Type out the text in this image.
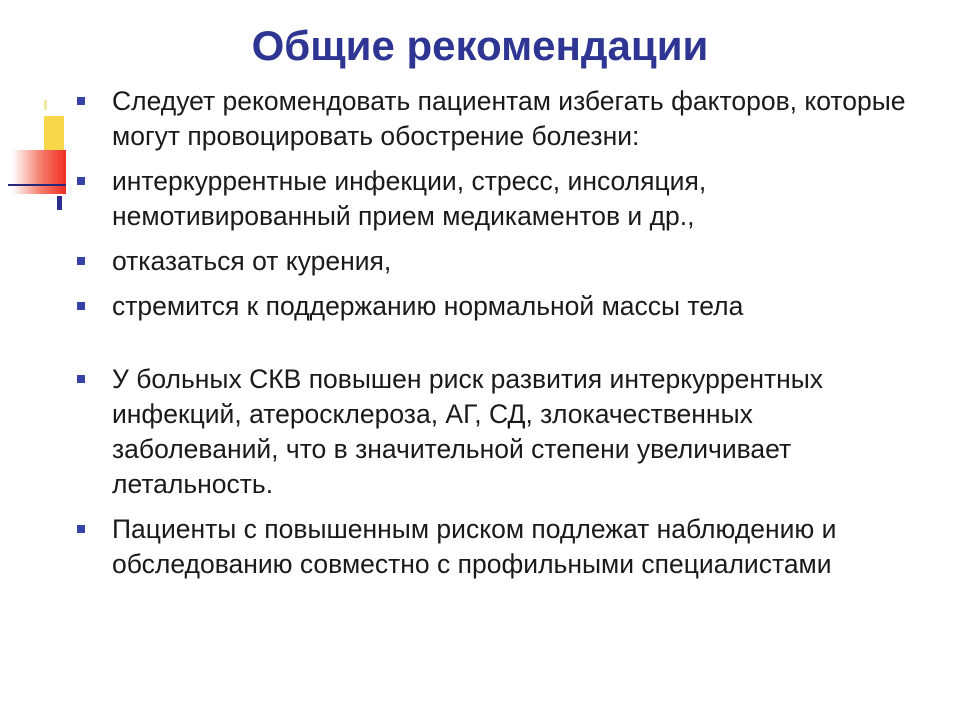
Общие рекомендации
Следует рекомендовать пациентам избегать факторов, которые могут провоцировать обострение болезни:
интеркуррентные инфекции, стресс, инсоляция, немотивированный прием медикаментов и др.,
отказаться от курения,
стремится к поддержанию нормальной массы тела
У больных СКВ повышен риск развития интеркуррентных инфекций, атеросклероза, АГ, СД, злокачественных заболеваний, что в значительной степени увеличивает летальность.
Пациенты с повышенным риском подлежат наблюдению и обследованию совместно с профильными специалистами
